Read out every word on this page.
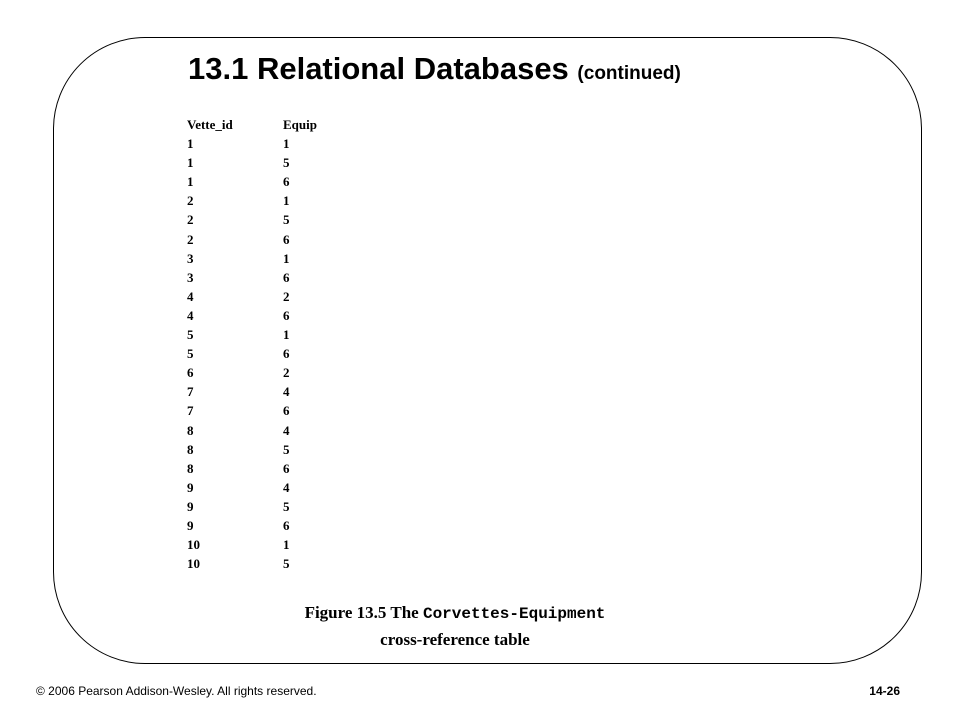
13.1 Relational Databases (continued)
Vette_id	Equip
1	1
1	5
1	6
2	1
2	5
2	6
3	1
3	6
4	2
4	6
5	1
5	6
6	2
7	4
7	6
8	4
8	5
8	6
9	4
9	5
9	6
10	1
10	5
Figure 13.5 The Corvettes-Equipment
cross-reference table
© 2006 Pearson Addison-Wesley. All rights reserved.	14-26
